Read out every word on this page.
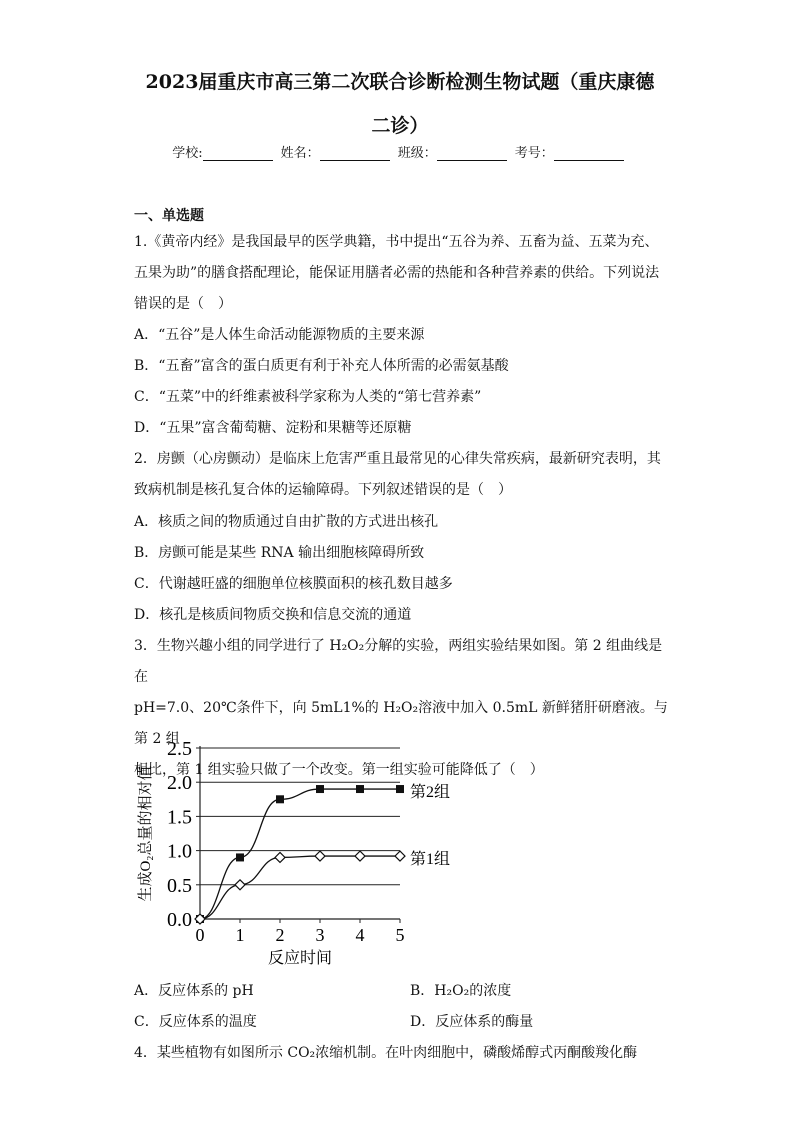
2023届重庆市高三第二次联合诊断检测生物试题（重庆康德
二诊）
学校:	姓名：	班级：	考号：
一、单选题
1.《黄帝内经》是我国最早的医学典籍，书中提出“五谷为养、五畜为益、五菜为充、
五果为助”的膳食搭配理论，能保证用膳者必需的热能和各种营养素的供给。下列说法
错误的是（　）
A．“五谷”是人体生命活动能源物质的主要来源
B．“五畜”富含的蛋白质更有利于补充人体所需的必需氨基酸
C．“五菜”中的纤维素被科学家称为人类的“第七营养素”
D．“五果”富含葡萄糖、淀粉和果糖等还原糖
2．房颤（心房颤动）是临床上危害严重且最常见的心律失常疾病，最新研究表明，其
致病机制是核孔复合体的运输障碍。下列叙述错误的是（　）
A．核质之间的物质通过自由扩散的方式进出核孔
B．房颤可能是某些 RNA 输出细胞核障碍所致
C．代谢越旺盛的细胞单位核膜面积的核孔数目越多
D．核孔是核质间物质交换和信息交流的通道
3．生物兴趣小组的同学进行了 H₂O₂分解的实验，两组实验结果如图。第 2 组曲线是在
pH=7.0、20℃条件下，向 5mL1%的 H₂O₂溶液中加入 0.5mL 新鲜猪肝研磨液。与第 2 组
相比，第 1 组实验只做了一个改变。第一组实验可能降低了（　）
0.0
0.5
1.0
1.5
2.0
2.5
0 1 2 3 4 5
反应时间
生成O₂总量的相对值	第2组
第1组
A．反应体系的 pH	B．H₂O₂的浓度
C．反应体系的温度	D．反应体系的酶量
4．某些植物有如图所示 CO₂浓缩机制。在叶肉细胞中，磷酸烯醇式丙酮酸羧化酶
